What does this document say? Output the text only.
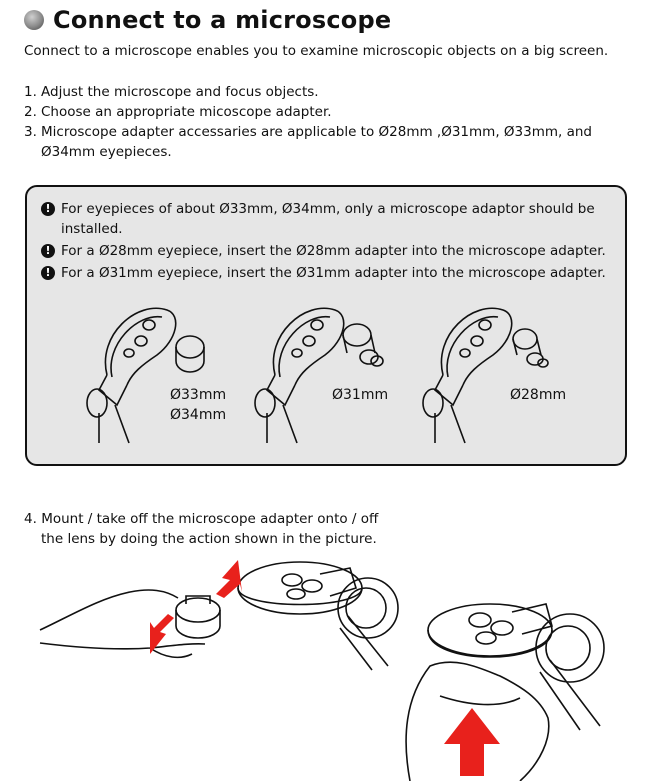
Connect to a microscope
Connect to a microscope enables you to examine microscopic objects on a big screen.
1. Adjust the microscope and focus objects.
2. Choose an appropriate micoscope adapter.
3. Microscope adapter accessaries are applicable to Ø28mm ,Ø31mm, Ø33mm, and Ø34mm eyepieces.
! For eyepieces of about Ø33mm, Ø34mm, only a microscope adaptor should be installed.
! For a Ø28mm eyepiece, insert the Ø28mm adapter into the microscope adapter.
! For a Ø31mm eyepiece, insert the Ø31mm adapter into the microscope adapter.
Ø33mm
Ø34mm
Ø31mm	Ø28mm
4. Mount / take off the microscope adapter onto / off
the lens by doing the action shown in the picture.
